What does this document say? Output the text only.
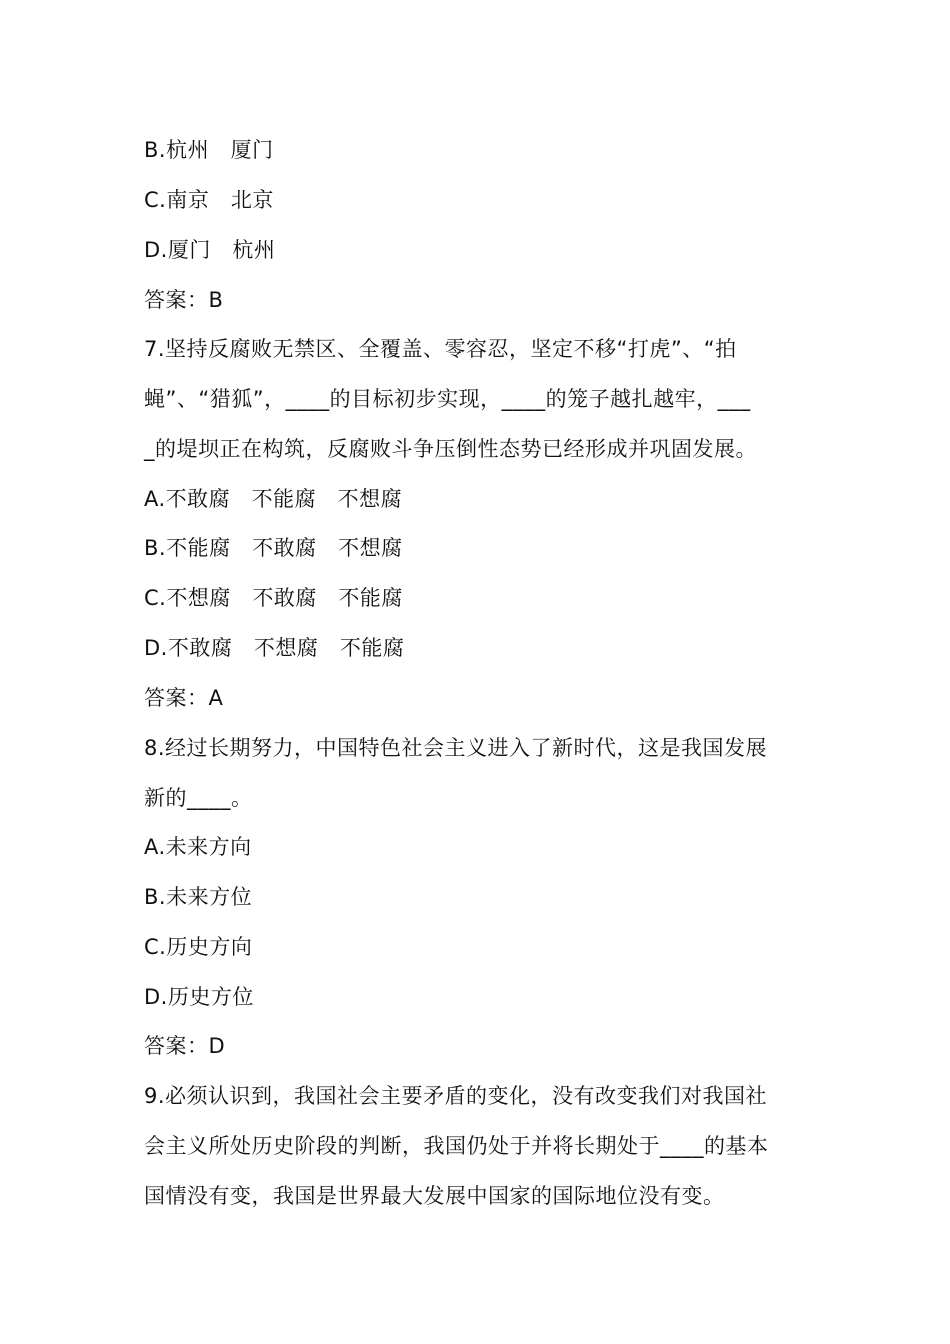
B.杭州　厦门
C.南京　北京
D.厦门　杭州
答案：B
7.坚持反腐败无禁区、全覆盖、零容忍，坚定不移“打虎”、“拍
蝇”、“猎狐”，____的目标初步实现，____的笼子越扎越牢，___
_的堤坝正在构筑，反腐败斗争压倒性态势已经形成并巩固发展。
A.不敢腐　不能腐　不想腐
B.不能腐　不敢腐　不想腐
C.不想腐　不敢腐　不能腐
D.不敢腐　不想腐　不能腐
答案：A
8.经过长期努力，中国特色社会主义进入了新时代，这是我国发展
新的____。
A.未来方向
B.未来方位
C.历史方向
D.历史方位
答案：D
9.必须认识到，我国社会主要矛盾的变化，没有改变我们对我国社
会主义所处历史阶段的判断，我国仍处于并将长期处于____的基本
国情没有变，我国是世界最大发展中国家的国际地位没有变。
